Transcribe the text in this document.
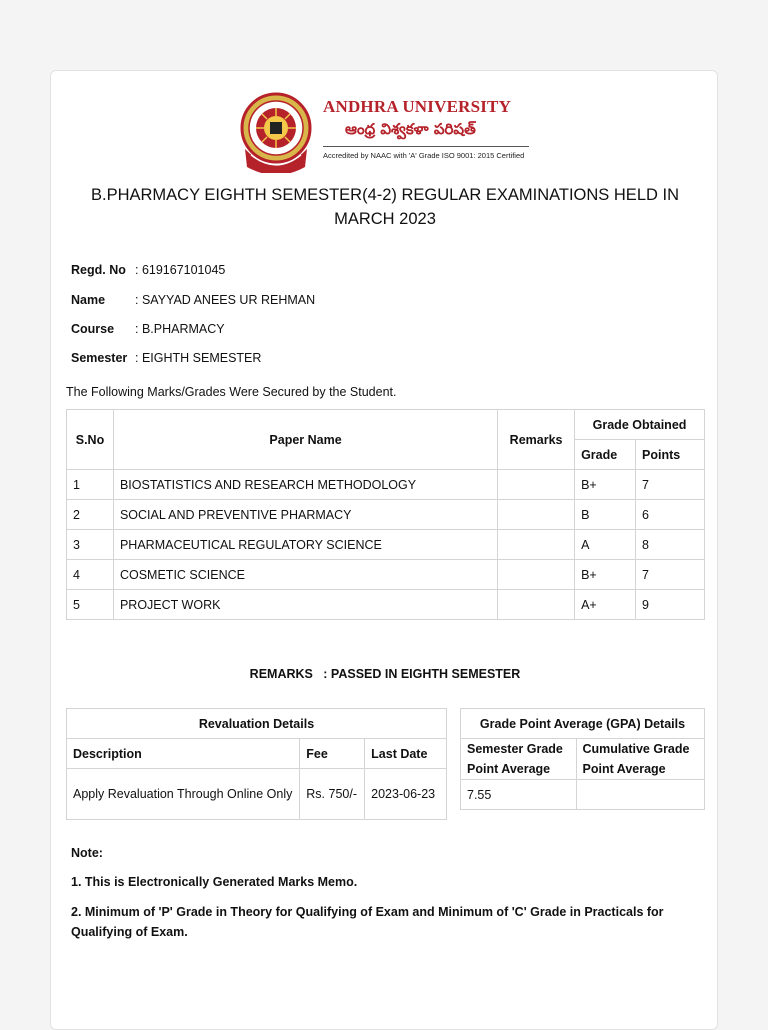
ANDHRA UNIVERSITY
ఆంధ్ర విశ్వకళా పరిషత్
Accredited by NAAC with 'A' Grade ISO 9001: 2015 Certified
B.PHARMACY EIGHTH SEMESTER(4-2) REGULAR EXAMINATIONS HELD IN MARCH 2023
Regd. No : 619167101045
Name : SAYYAD ANEES UR REHMAN
Course : B.PHARMACY
Semester : EIGHTH SEMESTER
The Following Marks/Grades Were Secured by the Student.
S.No	Paper Name	Remarks	Grade Obtained	
			Grade	Points
1	BIOSTATISTICS AND RESEARCH METHODOLOGY		B+	7
2	SOCIAL AND PREVENTIVE PHARMACY		B	6
3	PHARMACEUTICAL REGULATORY SCIENCE		A	8
4	COSMETIC SCIENCE		B+	7
5	PROJECT WORK		A+	9
REMARKS   : PASSED IN EIGHTH SEMESTER
Revaluation Details		
Description	Fee	Last Date
Apply Revaluation Through Online Only	Rs. 750/-	2023-06-23
Grade Point Average (GPA) Details	
Semester Grade Point Average	Cumulative Grade Point Average
7.55	
Note:
1. This is Electronically Generated Marks Memo.
2. Minimum of 'P' Grade in Theory for Qualifying of Exam and Minimum of 'C' Grade in Practicals for Qualifying of Exam.
